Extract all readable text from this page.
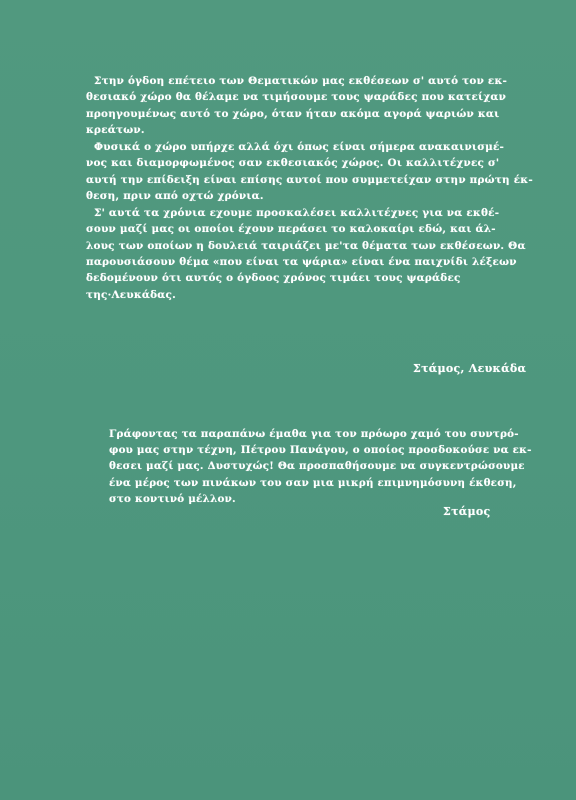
Στην όγδοη επέτειο των Θεματικών μας εκθέσεων σ' αυτό τον εκ-
θεσιακό χώρο θα θέλαμε να τιμήσουμε τους ψαράδες που κατείχαν
προηγουμένως αυτό το χώρο, όταν ήταν ακόμα αγορά ψαριών και
κρεάτων.
Φυσικά ο χώρο υπήρχε αλλά όχι όπως είναι σήμερα ανακαινισμέ-
νος και διαμορφωμένος σαν εκθεσιακός χώρος. Οι καλλιτέχνες σ'
αυτή την επίδειξη είναι επίσης αυτοί που συμμετείχαν στην πρώτη έκ-
θεση, πριν από οχτώ χρόνια.
Σ' αυτά τα χρόνια εχουμε προσκαλέσει καλλιτέχνες για να εκθέ-
σουν μαζί μας οι οποίοι έχουν περάσει το καλοκαίρι εδώ, και άλ-
λους των οποίων η δουλειά ταιριάζει με'τα θέματα των εκθέσεων. Θα
παρουσιάσουν θέμα «που είναι τα ψάρια» είναι ένα παιχνίδι λέξεων
δεδομένουν ότι αυτός ο όγδοος χρόνος τιμάει τους ψαράδες
της·Λευκάδας.
Στάμος, Λευκάδα
Γράφοντας τα παραπάνω έμαθα για τον πρόωρο χαμό του συντρό-
φου μας στην τέχνη, Πέτρου Πανάγου, ο οποίος προσδοκούσε να εκ-
θεσει μαζί μας. Δυστυχώς! Θα προσπαθήσουμε να συγκεντρώσουμε
ένα μέρος των πινάκων του σαν μια μικρή επιμνημόσυνη έκθεση,
στο κοντινό μέλλον.
Στάμος
